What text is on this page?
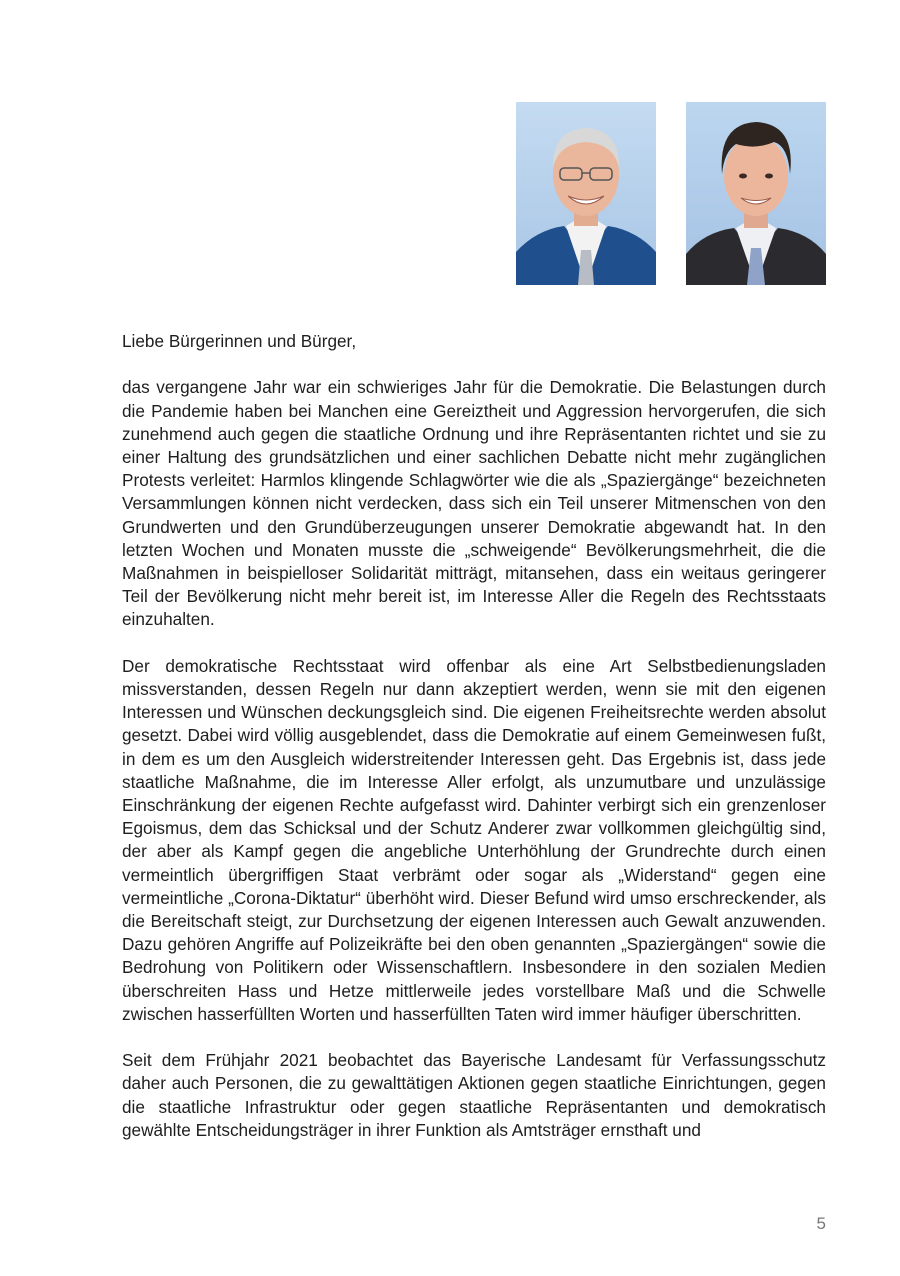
Liebe Bürgerinnen und Bürger,

das vergangene Jahr war ein schwieriges Jahr für die Demokratie. Die Belastungen durch die Pandemie haben bei Manchen eine Gereiztheit und Aggression hervorgerufen, die sich zunehmend auch gegen die staatliche Ordnung und ihre Repräsentanten richtet und sie zu einer Haltung des grundsätzlichen und einer sachlichen Debatte nicht mehr zugänglichen Protests verleitet: Harmlos klingende Schlagwörter wie die als „Spaziergänge“ bezeichneten Versammlungen können nicht verdecken, dass sich ein Teil unserer Mitmenschen von den Grundwerten und den Grundüberzeugungen unserer Demokratie abgewandt hat. In den letzten Wochen und Monaten musste die „schweigende“ Bevölkerungsmehrheit, die die Maßnahmen in beispielloser Solidarität mitträgt, mitansehen, dass ein weitaus geringerer Teil der Bevölkerung nicht mehr bereit ist, im Interesse Aller die Regeln des Rechtsstaats einzuhalten.

Der demokratische Rechtsstaat wird offenbar als eine Art Selbstbedienungsladen missverstanden, dessen Regeln nur dann akzeptiert werden, wenn sie mit den eigenen Interessen und Wünschen deckungsgleich sind. Die eigenen Freiheitsrechte werden absolut gesetzt. Dabei wird völlig ausgeblendet, dass die Demokratie auf einem Gemeinwesen fußt, in dem es um den Ausgleich widerstreitender Interessen geht. Das Ergebnis ist, dass jede staatliche Maßnahme, die im Interesse Aller erfolgt, als unzumutbare und unzulässige Einschränkung der eigenen Rechte aufgefasst wird. Dahinter verbirgt sich ein grenzenloser Egoismus, dem das Schicksal und der Schutz Anderer zwar vollkommen gleichgültig sind, der aber als Kampf gegen die angebliche Unterhöhlung der Grundrechte durch einen vermeintlich übergriffigen Staat verbrämt oder sogar als „Widerstand“ gegen eine vermeintliche „Corona-Diktatur“ überhöht wird. Dieser Befund wird umso erschreckender, als die Bereitschaft steigt, zur Durchsetzung der eigenen Interessen auch Gewalt anzuwenden. Dazu gehören Angriffe auf Polizeikräfte bei den oben genannten „Spaziergängen“ sowie die Bedrohung von Politikern oder Wissenschaftlern. Insbesondere in den sozialen Medien überschreiten Hass und Hetze mittlerweile jedes vorstellbare Maß und die Schwelle zwischen hasserfüllten Worten und hasserfüllten Taten wird immer häufiger überschritten.

Seit dem Frühjahr 2021 beobachtet das Bayerische Landesamt für Verfassungsschutz daher auch Personen, die zu gewalttätigen Aktionen gegen staatliche Einrichtungen, gegen die staatliche Infrastruktur oder gegen staatliche Repräsentanten und demokratisch gewählte Entscheidungsträger in ihrer Funktion als Amtsträger ernsthaft und

5
